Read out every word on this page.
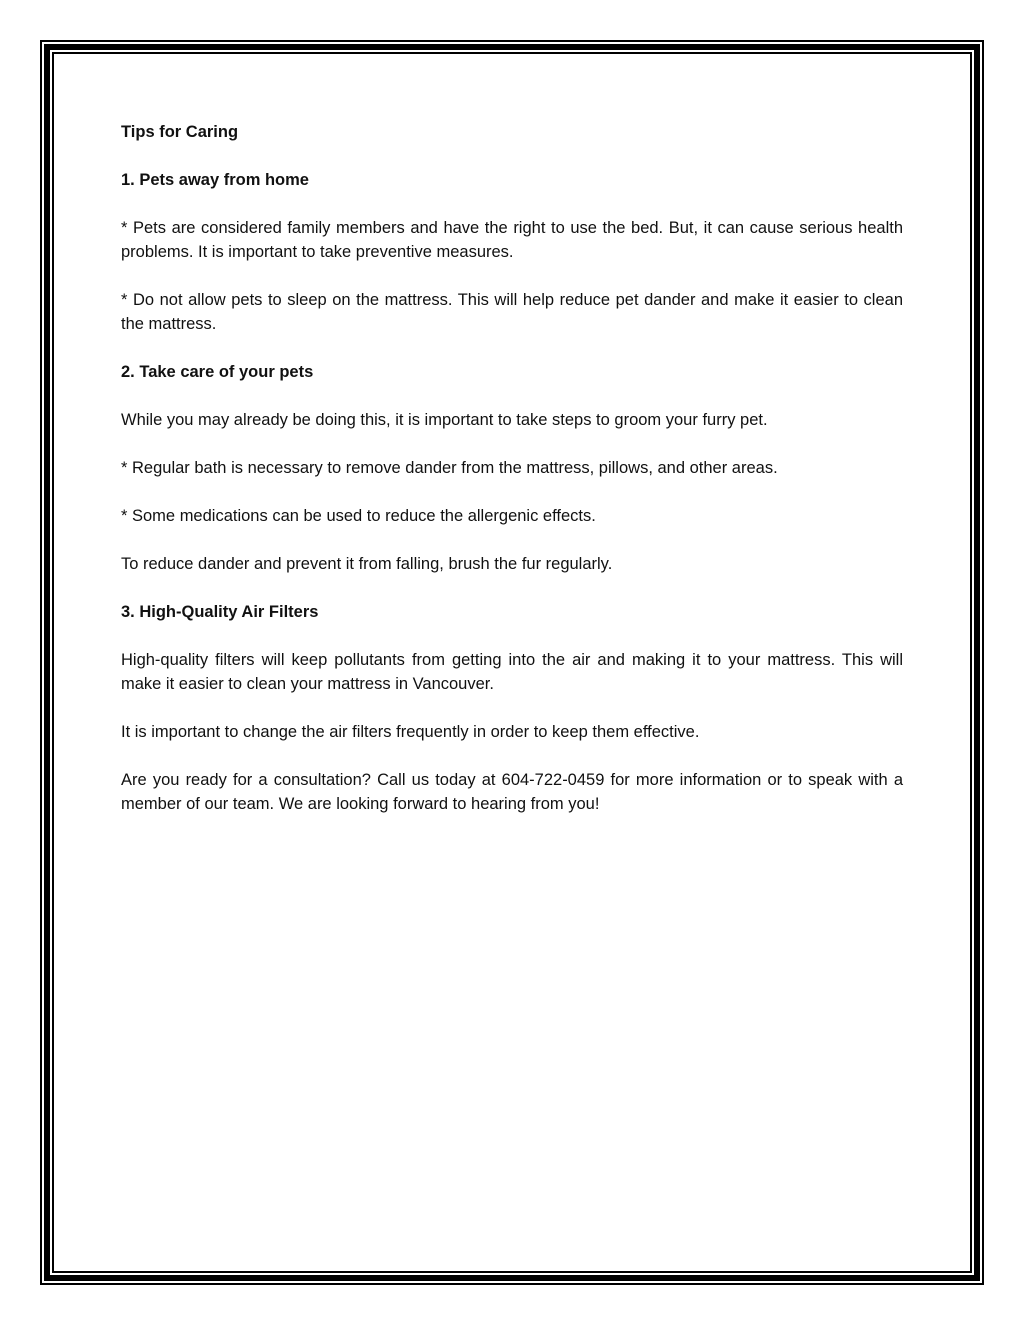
Tips for Caring

1. Pets away from home

* Pets are considered family members and have the right to use the bed. But, it can cause serious health problems. It is important to take preventive measures.

* Do not allow pets to sleep on the mattress. This will help reduce pet dander and make it easier to clean the mattress.

2. Take care of your pets

While you may already be doing this, it is important to take steps to groom your furry pet.

* Regular bath is necessary to remove dander from the mattress, pillows, and other areas.

* Some medications can be used to reduce the allergenic effects.

To reduce dander and prevent it from falling, brush the fur regularly.

3. High-Quality Air Filters

High-quality filters will keep pollutants from getting into the air and making it to your mattress. This will make it easier to clean your mattress in Vancouver.

It is important to change the air filters frequently in order to keep them effective.

Are you ready for a consultation? Call us today at 604-722-0459 for more information or to speak with a member of our team. We are looking forward to hearing from you!
